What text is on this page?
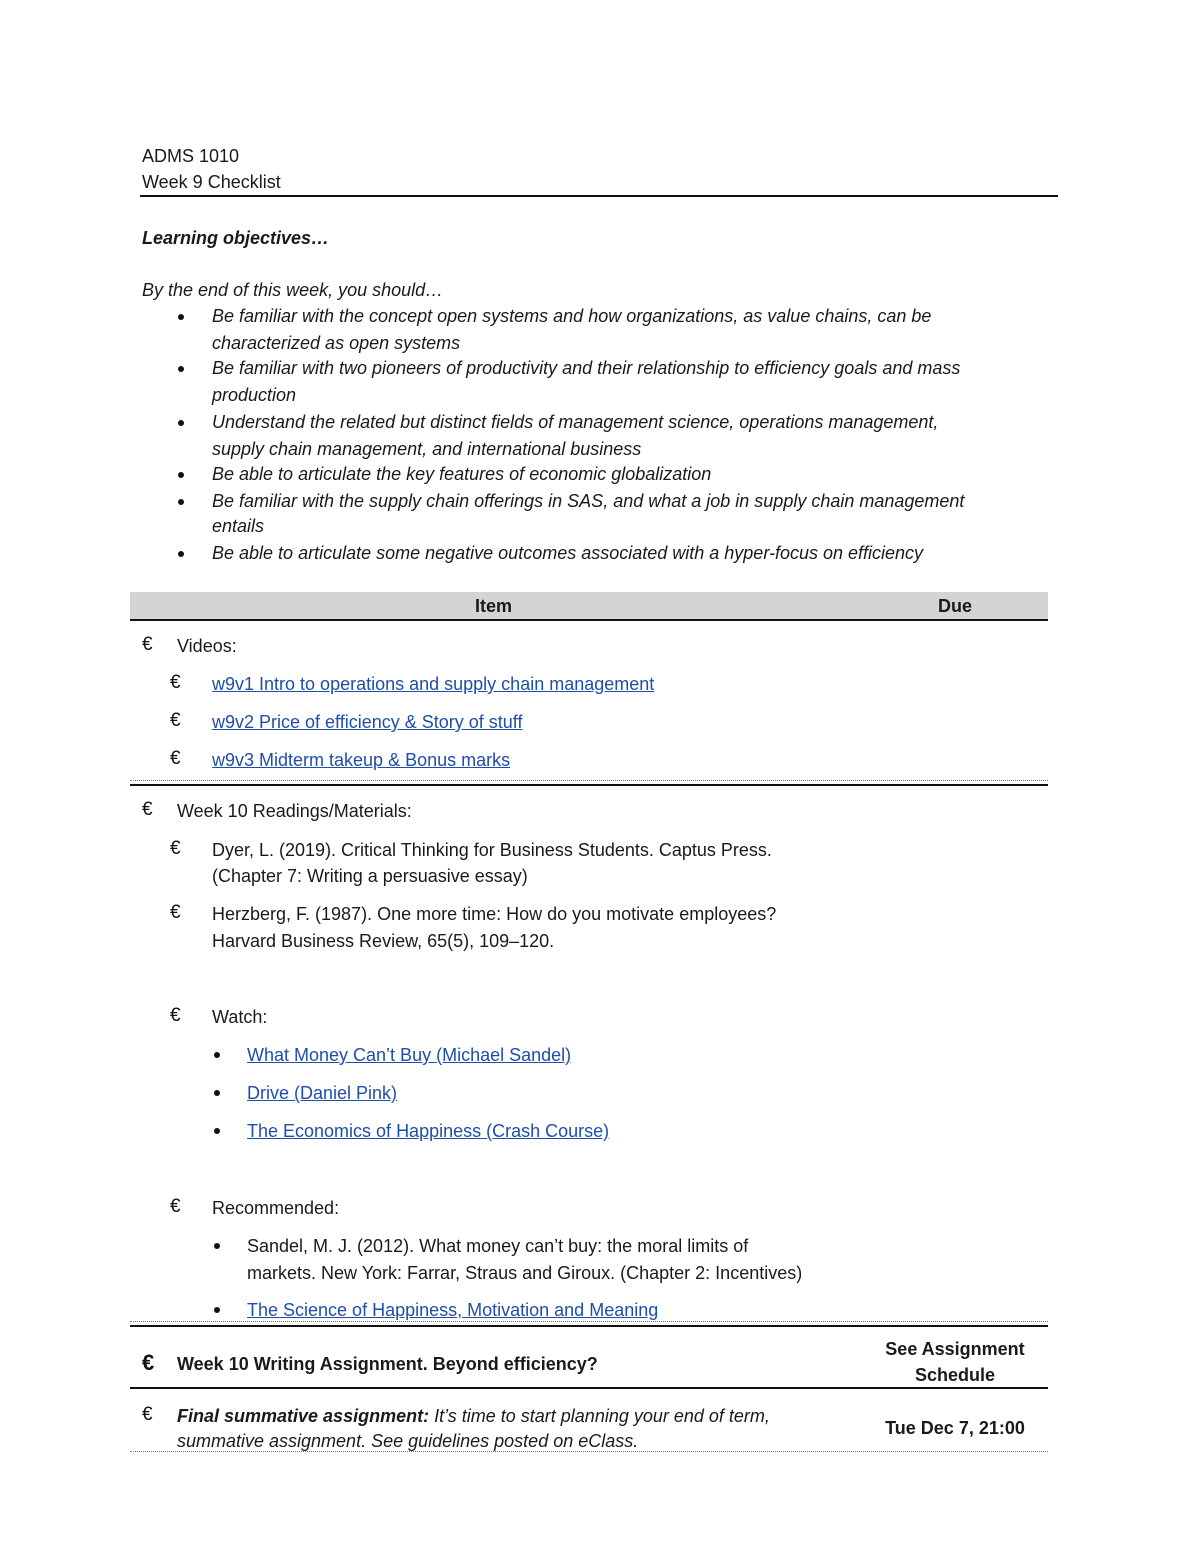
ADMS 1010
Week 9 Checklist
Learning objectives…
By the end of this week, you should…
Be familiar with the concept open systems and how organizations, as value chains, can be
characterized as open systems
Be familiar with two pioneers of productivity and their relationship to efficiency goals and mass
production
Understand the related but distinct fields of management science, operations management,
supply chain management, and international business
Be able to articulate the key features of economic globalization
Be familiar with the supply chain offerings in SAS, and what a job in supply chain management
entails
Be able to articulate some negative outcomes associated with a hyper-focus on efficiency
Item	Due
€ Videos:
€ w9v1 Intro to operations and supply chain management
€ w9v2 Price of efficiency & Story of stuff
€ w9v3 Midterm takeup & Bonus marks
€ Week 10 Readings/Materials:
€ Dyer, L. (2019). Critical Thinking for Business Students. Captus Press.
(Chapter 7: Writing a persuasive essay)
€ Herzberg, F. (1987). One more time: How do you motivate employees?
Harvard Business Review, 65(5), 109–120.
€ Watch:
What Money Can’t Buy (Michael Sandel)
Drive (Daniel Pink)
The Economics of Happiness (Crash Course)
€ Recommended:
Sandel, M. J. (2012). What money can’t buy: the moral limits of
markets. New York: Farrar, Straus and Giroux. (Chapter 2: Incentives)
The Science of Happiness, Motivation and Meaning
€ Week 10 Writing Assignment. Beyond efficiency?
See Assignment
Schedule
€ Final summative assignment: It’s time to start planning your end of term,
summative assignment. See guidelines posted on eClass.
Tue Dec 7, 21:00
